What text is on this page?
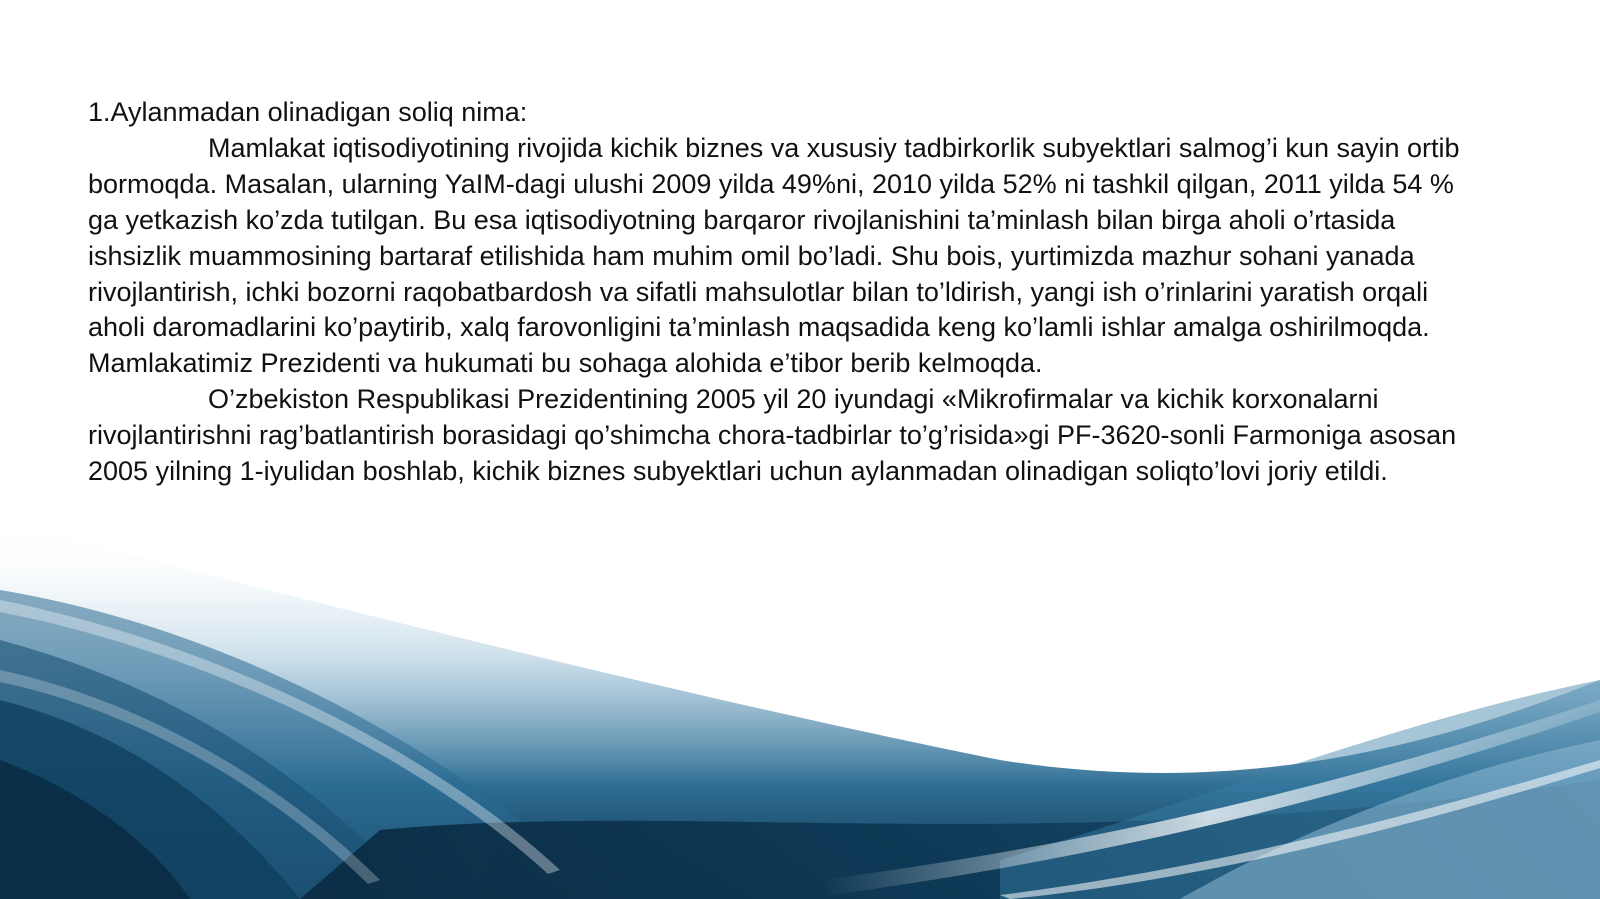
1.Aylanmadan olinadigan soliq nima:

Mamlakat iqtisodiyotining rivojida kichik biznes va xususiy tadbirkorlik subyektlari salmog’i kun sayin ortib bormoqda. Masalan, ularning YaIM-dagi ulushi 2009 yilda 49%ni, 2010 yilda 52% ni tashkil qilgan, 2011 yilda 54 % ga yetkazish ko’zda tutilgan. Bu esa iqtisodiyotning barqaror rivojlanishini ta’minlash bilan birga aholi o’rtasida ishsizlik muammosining bartaraf etilishida ham muhim omil bo’ladi. Shu bois, yurtimizda mazhur sohani yanada rivojlantirish, ichki bozorni raqobatbardosh va sifatli mahsulotlar bilan to’ldirish, yangi ish o’rinlarini yaratish orqali aholi daromadlarini ko’paytirib, xalq farovonligini ta’minlash maqsadida keng ko’lamli ishlar amalga oshirilmoqda. Mamlakatimiz Prezidenti va hukumati bu sohaga alohida e’tibor berib kelmoqda.

O’zbekiston Respublikasi Prezidentining 2005 yil 20 iyundagi «Mikrofirmalar va kichik korxonalarni rivojlantirishni rag’batlantirish borasidagi qo’shimcha chora-tadbirlar to’g’risida»gi PF-3620-sonli Farmoniga asosan 2005 yilning 1-iyulidan boshlab, kichik biznes subyektlari uchun aylanmadan olinadigan soliqto’lovi joriy etildi.
